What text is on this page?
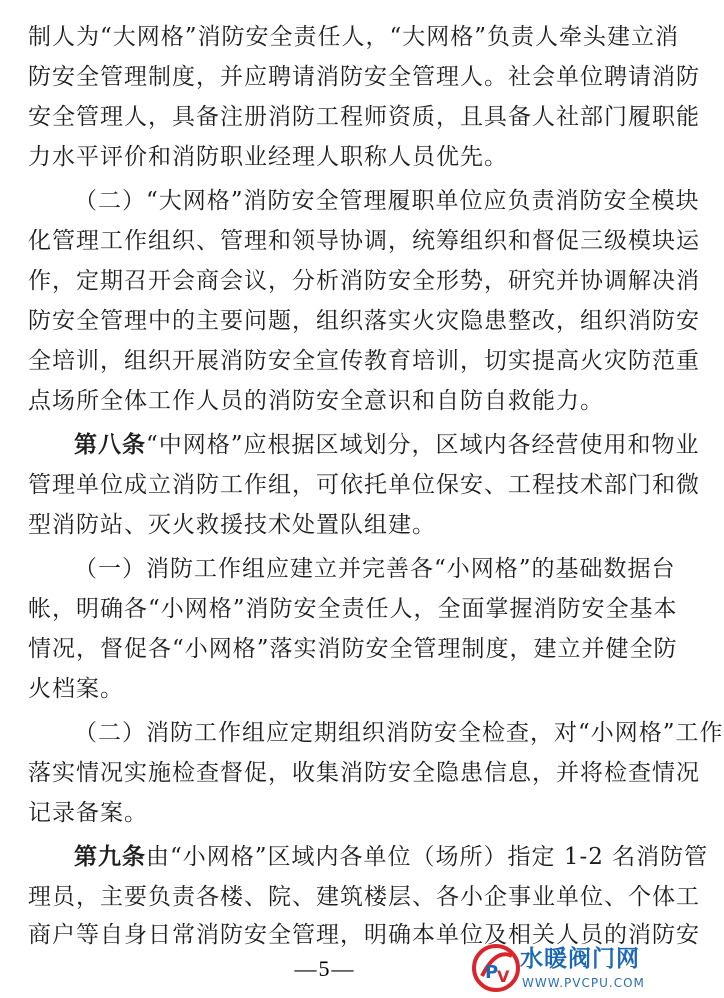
制人为“大网格”消防安全责任人，“大网格”负责人牵头建立消
防安全管理制度，并应聘请消防安全管理人。社会单位聘请消防
安全管理人，具备注册消防工程师资质，且具备人社部门履职能
力水平评价和消防职业经理人职称人员优先。
（二）“大网格”消防安全管理履职单位应负责消防安全模块
化管理工作组织、管理和领导协调，统筹组织和督促三级模块运
作，定期召开会商会议，分析消防安全形势，研究并协调解决消
防安全管理中的主要问题，组织落实火灾隐患整改，组织消防安
全培训，组织开展消防安全宣传教育培训，切实提高火灾防范重
点场所全体工作人员的消防安全意识和自防自救能力。
第八条“中网格”应根据区域划分，区域内各经营使用和物业
管理单位成立消防工作组，可依托单位保安、工程技术部门和微
型消防站、灭火救援技术处置队组建。
（一）消防工作组应建立并完善各“小网格”的基础数据台
帐，明确各“小网格”消防安全责任人，全面掌握消防安全基本
情况，督促各“小网格”落实消防安全管理制度，建立并健全防
火档案。
（二）消防工作组应定期组织消防安全检查，对“小网格”工作
落实情况实施检查督促，收集消防安全隐患信息，并将检查情况
记录备案。
第九条由“小网格”区域内各单位（场所）指定 1-2 名消防管
理员，主要负责各楼、院、建筑楼层、各小企事业单位、个体工
商户等自身日常消防安全管理，明确本单位及相关人员的消防安
—5—	P
V
水暖阀门网
WWW.PVCPU.COM
